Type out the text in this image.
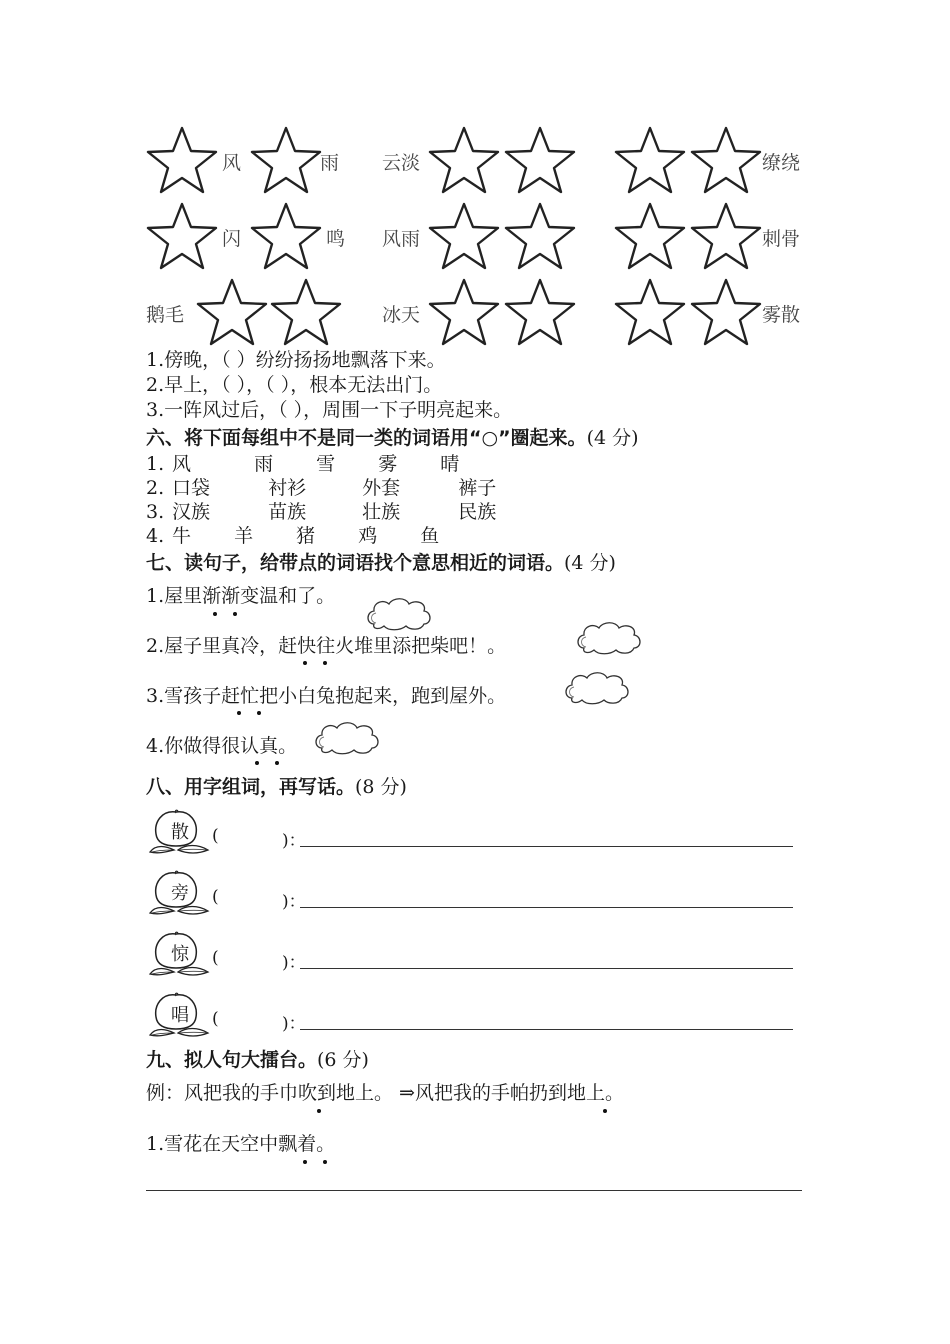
风	雨 云淡	缭绕
闪	鸣 风雨	刺骨
鹅毛	冰天	雾散
1.傍晚，（ ）纷纷扬扬地飘落下来。
2.早上，（ ），（ ），根本无法出门。
3.一阵风过后，（ ），周围一下子明亮起来。
六、将下面每组中不是同一类的词语用“○”圈起来。(4 分)
1. 风	雨 雪 雾 晴
2. 口袋	衬衫	外套	裤子
3. 汉族	苗族	壮族	民族
4. 牛 羊 猪 鸡 鱼
七、读句子，给带点的词语找个意思相近的词语。(4 分)
1.屋里渐渐变温和了。
2.屋子里真冷，赶快往火堆里添把柴吧！。
3.雪孩子赶忙把小白兔抱起来，跑到屋外。
4.你做得很认真。
八、用字组词，再写话。(8 分)
散	(	)：
旁	(	)：
惊	(	)：
唱	(	)：
九、拟人句大擂台。(6 分)
例：风把我的手巾吹到地上。 ⇒风把我的手帕扔到地上。
1.雪花在天空中飘着。
